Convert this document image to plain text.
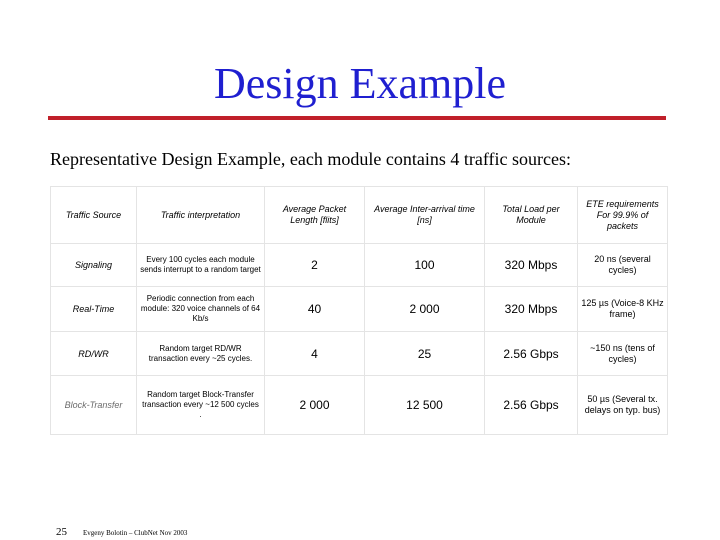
Design Example
Representative Design Example, each module contains 4 traffic sources:
Traffic Source	Traffic interpretation	Average Packet Length [flits]	Average Inter-arrival time [ns]	Total Load per Module	ETE requirements For 99.9% of packets
Signaling	Every 100 cycles each module sends interrupt to a random target	2	100	320 Mbps	20 ns (several cycles)
Real-Time	Periodic connection from each module: 320 voice channels of 64 Kb/s	40	2 000	320 Mbps	125 µs (Voice-8 KHz frame)
RD/WR	Random target RD/WR transaction every ~25 cycles.	4	25	2.56 Gbps	~150 ns (tens of cycles)
Block-Transfer	Random target Block-Transfer transaction every ~12 500 cycles .	2 000	12 500	2.56 Gbps	50 µs (Several tx. delays on typ. bus)
25 Evgeny Bolotin – ClubNet Nov 2003
